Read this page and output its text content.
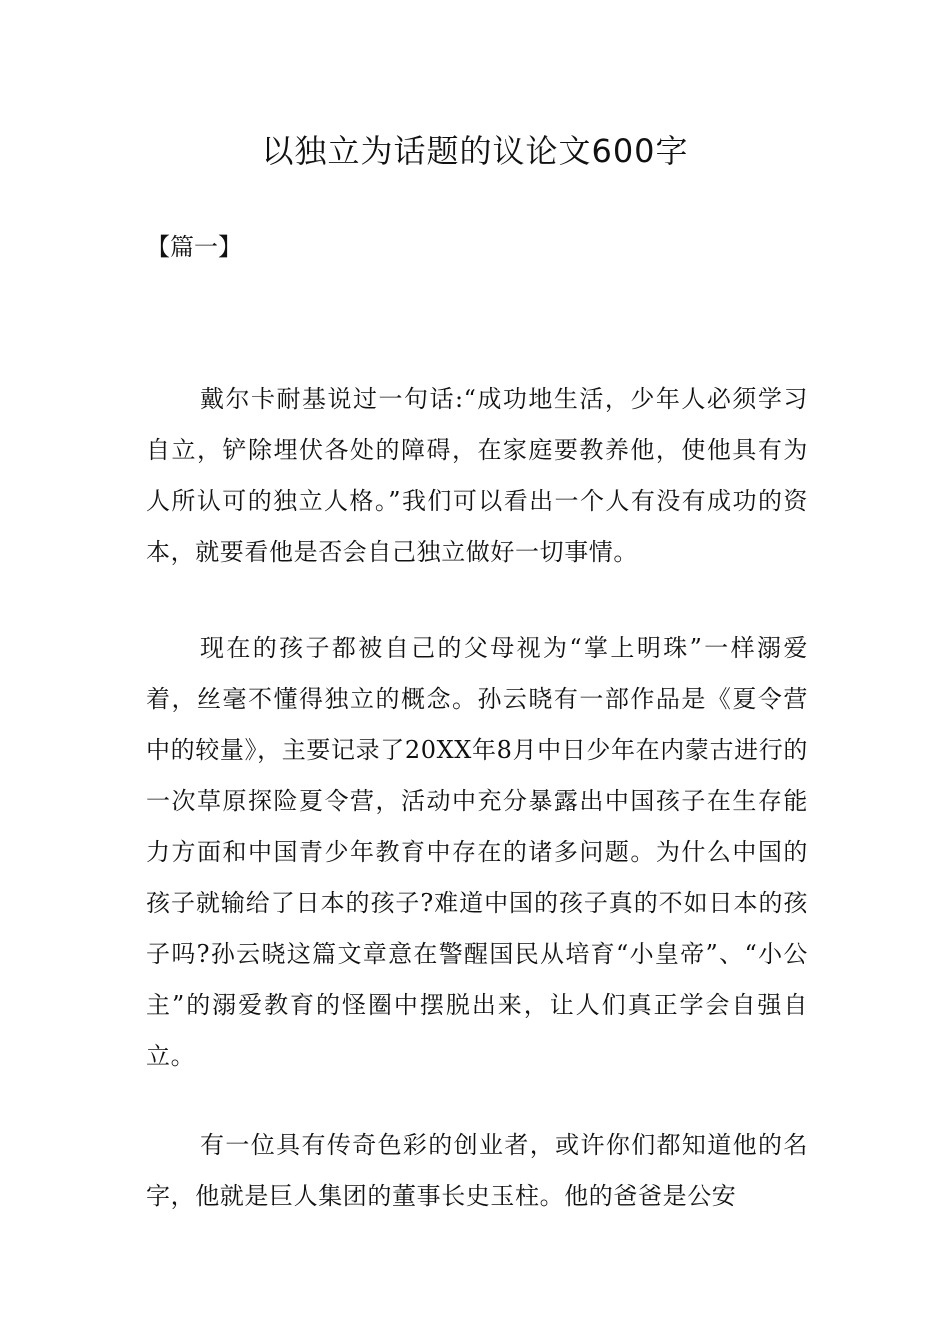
以独立为话题的议论文600字
【篇一】

戴尔卡耐基说过一句话:“成功地生活，少年人必须学习自立，铲除埋伏各处的障碍，在家庭要教养他，使他具有为人所认可的独立人格。”我们可以看出一个人有没有成功的资本，就要看他是否会自己独立做好一切事情。

现在的孩子都被自己的父母视为“掌上明珠”一样溺爱着，丝毫不懂得独立的概念。孙云晓有一部作品是《夏令营中的较量》，主要记录了20XX年8月中日少年在内蒙古进行的一次草原探险夏令营，活动中充分暴露出中国孩子在生存能力方面和中国青少年教育中存在的诸多问题。为什么中国的孩子就输给了日本的孩子?难道中国的孩子真的不如日本的孩子吗?孙云晓这篇文章意在警醒国民从培育“小皇帝”、“小公主”的溺爱教育的怪圈中摆脱出来，让人们真正学会自强自立。

有一位具有传奇色彩的创业者，或许你们都知道他的名字，他就是巨人集团的董事长史玉柱。他的爸爸是公安
